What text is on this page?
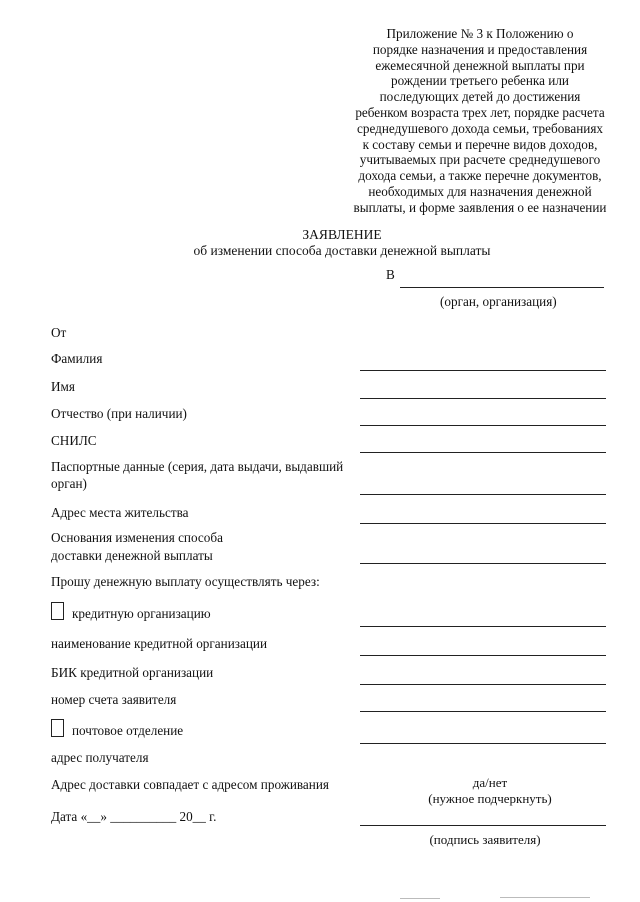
Приложение № 3 к Положению о
порядке назначения и предоставления
ежемесячной денежной выплаты при
рождении третьего ребенка или
последующих детей до достижения
ребенком возраста трех лет, порядке расчета
среднедушевого дохода семьи, требованиях
к составу семьи и перечне видов доходов,
учитываемых при расчете среднедушевого
дохода семьи, а также перечне документов,
необходимых для назначения денежной
выплаты, и форме заявления о ее назначении
ЗАЯВЛЕНИЕ
об изменении способа доставки денежной выплаты
В
(орган, организация)
От
Фамилия
Имя
Отчество (при наличии)
СНИЛС
Паспортные данные (серия, дата выдачи, выдавший
орган)
Адрес места жительства
Основания изменения способа
доставки денежной выплаты
Прошу денежную выплату осуществлять через:
кредитную организацию
наименование кредитной организации
БИК кредитной организации
номер счета заявителя
почтовое отделение
адрес получателя
Адрес доставки совпадает с адресом проживания	да/нет
(нужное подчеркнуть)
Дата «__» __________ 20__ г.
(подпись заявителя)
